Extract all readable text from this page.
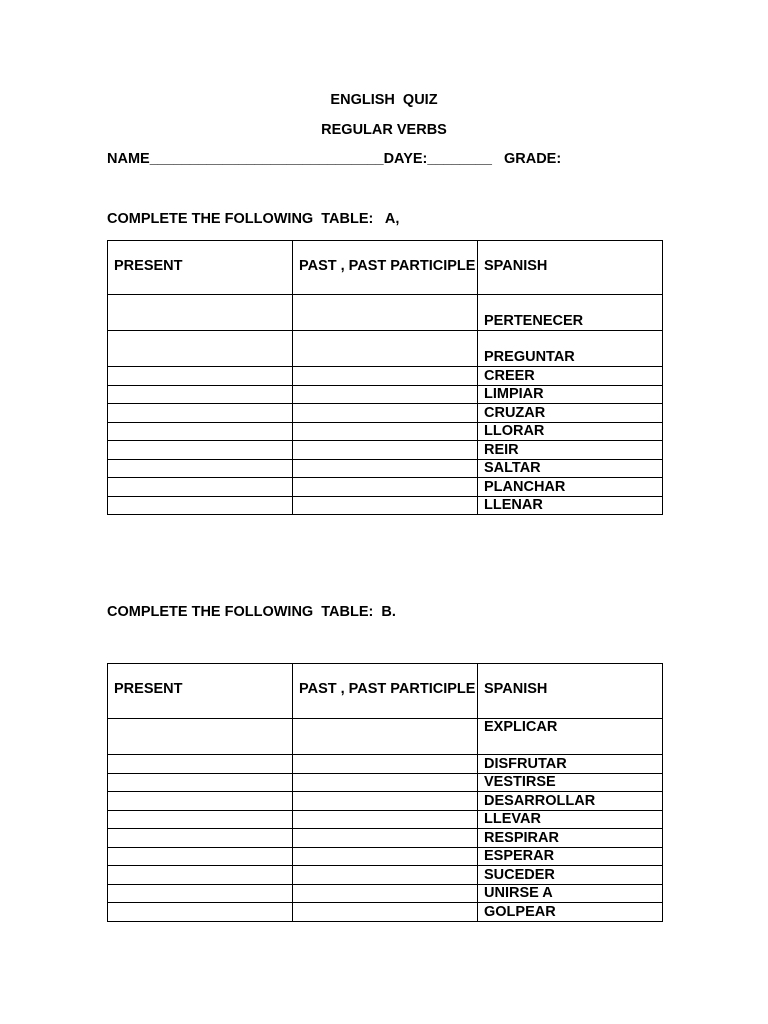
ENGLISH  QUIZ
REGULAR VERBS
NAME_____________________________DAYE:________ GRADE:
COMPLETE THE FOLLOWING  TABLE:   A,
PRESENT	PAST , PAST PARTICIPLE	SPANISH
		PERTENECER
		PREGUNTAR
		CREER
		LIMPIAR
		CRUZAR
		LLORAR
		REIR
		SALTAR
		PLANCHAR
		LLENAR
COMPLETE THE FOLLOWING  TABLE:  B.
PRESENT	PAST , PAST PARTICIPLE	SPANISH
		EXPLICAR
		DISFRUTAR
		VESTIRSE
		DESARROLLAR
		LLEVAR
		RESPIRAR
		ESPERAR
		SUCEDER
		UNIRSE A
		GOLPEAR
